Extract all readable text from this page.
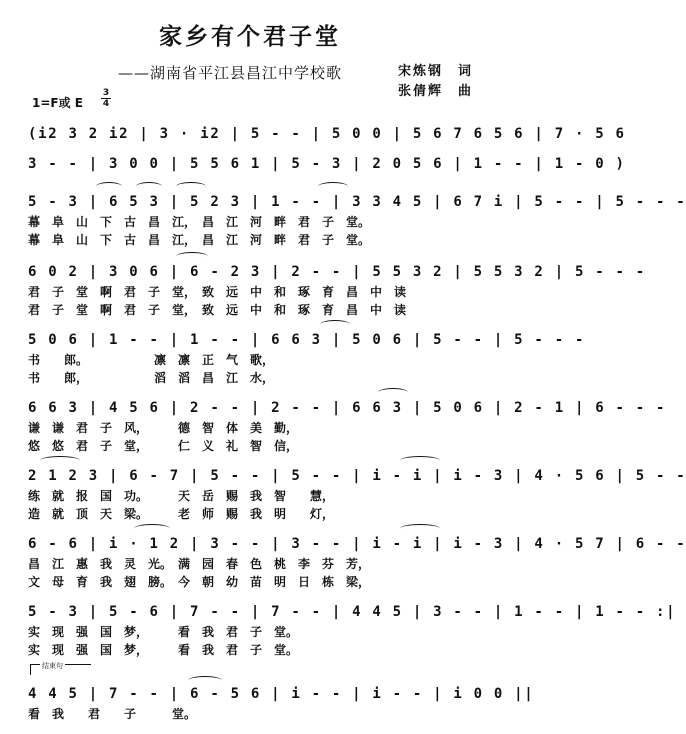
家乡有个君子堂
——湖南省平江县昌江中学校歌	宋炼钢　词
张倩辉　曲
1=F或 E
3
4
(i2 3 2 i2 | 3 · i2 | 5 - - | 5 0 0 | 5 6 7 6 5 6 | 7 · 5 6
3 - - | 3 0 0 | 5 5 6 1 | 5 - 3 | 2 0 5 6 | 1 - - | 1 - 0 )
5 - 3 | 6 5 3 | 5 2 3 | 1 - - | 3 3 4 5 | 6 7 i | 5 - - | 5 - - -
幕　阜　山　下　古　昌　江，　昌　江　河　畔　君　子　堂。
幕　阜　山　下　古　昌　江，　昌　江　河　畔　君　子　堂。
6 0 2 | 3 0 6 | 6 - 2 3 | 2 - - | 5 5 3 2 | 5 5 3 2 | 5 - - -
君　子　堂　啊　君　子　堂，　致　远　中　和　琢　育　昌　中　读
君　子　堂　啊　君　子　堂，　致　远　中　和　琢　育　昌　中　读
5 0 6 | 1 - - | 1 - - | 6 6 3 | 5 0 6 | 5 - - | 5 - - -
书　　郎。　　　　　　凛　凛　正　气　歌，
书　　郎，　　　　　　滔　滔　昌　江　水，
6 6 3 | 4 5 6 | 2 - - | 2 - - | 6 6 3 | 5 0 6 | 2 - 1 | 6 - - -
谦　谦　君　子　风，　　　德　智　体　美　勤，
悠　悠　君　子　堂，　　　仁　义　礼　智　信，
2 1 2 3 | 6 - 7 | 5 - - | 5 - - | i - i | i - 3 | 4 · 5 6 | 5 - -
练　就　报　国　功。　　　天　岳　赐　我　智　　慧，
造　就　顶　天　梁。　　　老　师　赐　我　明　　灯，
6 - 6 | i · 1 2 | 3 - - | 3 - - | i - i | i - 3 | 4 · 5 7 | 6 - -
昌　江　惠　我　灵　光。　满　园　春　色　桃　李　芬　芳，
文　母　育　我　翅　膀。　今　朝　幼　苗　明　日　栋　梁，
5 - 3 | 5 - 6 | 7 - - | 7 - - | 4 4 5 | 3 - - | 1 - - | 1 - - :|
实　现　强　国　梦，　　　看　我　君　子　堂。
实　现　强　国　梦，　　　看　我　君　子　堂。
结束句
4 4 5 | 7 - - | 6 - 5 6 | i - - | i - - | i 0 0 ||
看　我　　君　　子　　　堂。
